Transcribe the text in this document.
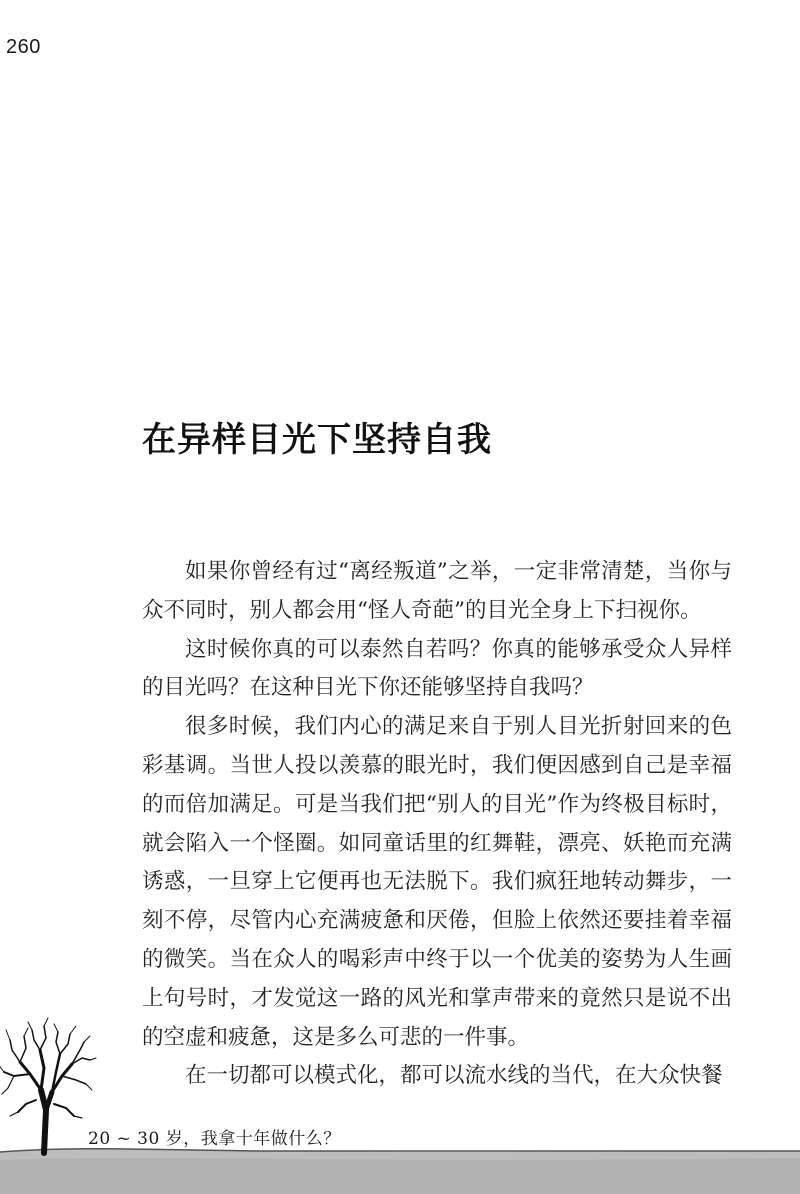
260
在异样目光下坚持自我

如果你曾经有过“离经叛道”之举，一定非常清楚，当你与众不同时，别人都会用“怪人奇葩”的目光全身上下扫视你。

这时候你真的可以泰然自若吗？你真的能够承受众人异样的目光吗？在这种目光下你还能够坚持自我吗？

很多时候，我们内心的满足来自于别人目光折射回来的色彩基调。当世人投以羡慕的眼光时，我们便因感到自己是幸福的而倍加满足。可是当我们把“别人的目光”作为终极目标时，就会陷入一个怪圈。如同童话里的红舞鞋，漂亮、妖艳而充满诱惑，一旦穿上它便再也无法脱下。我们疯狂地转动舞步，一刻不停，尽管内心充满疲惫和厌倦，但脸上依然还要挂着幸福的微笑。当在众人的喝彩声中终于以一个优美的姿势为人生画上句号时，才发觉这一路的风光和掌声带来的竟然只是说不出的空虚和疲惫，这是多么可悲的一件事。

在一切都可以模式化，都可以流水线的当代，在大众快餐

20 ~ 30 岁，我拿十年做什么？
